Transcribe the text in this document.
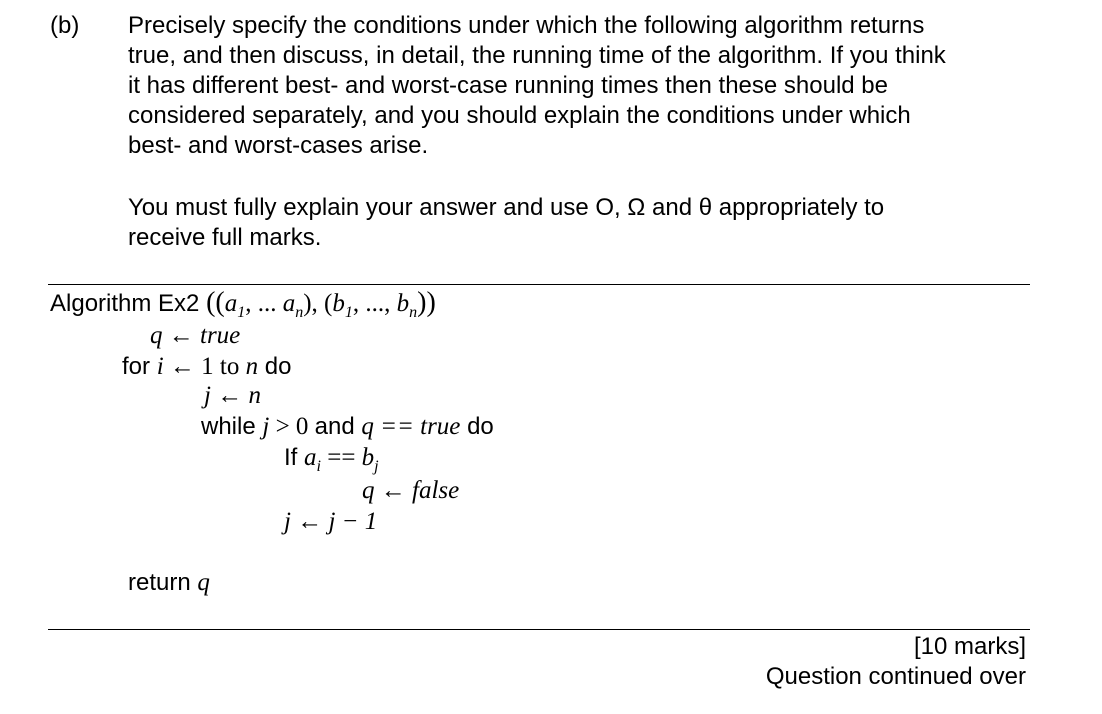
(b) Precisely specify the conditions under which the following algorithm returns

true, and then discuss, in detail, the running time of the algorithm. If you think

it has different best- and worst-case running times then these should be

considered separately, and you should explain the conditions under which

best- and worst-cases arise.

You must fully explain your answer and use O, Ω and θ appropriately to

receive full marks.

Algorithm Ex2 (($a_1$, ... $a_n$), ($b_1$, ..., $b_n$))
q ← true
for i ← 1 to n do
j ← n
while j > 0 and q == true do
If $a_i == b_j$
q ← false
j ← j − 1
return q
[10 marks]
Question continued over
